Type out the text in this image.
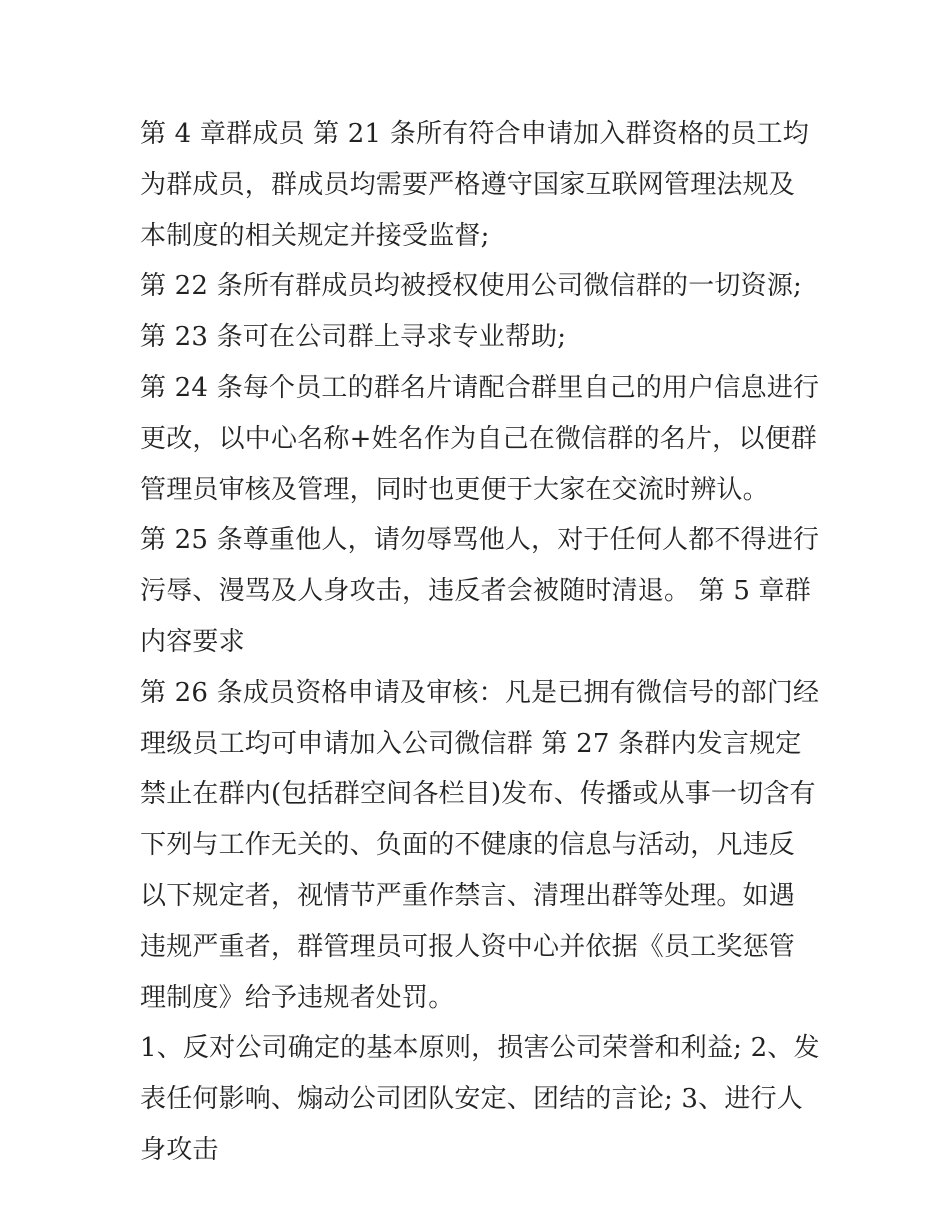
第 4 章群成员 第 21 条所有符合申请加入群资格的员工均为群成员，群成员均需要严格遵守国家互联网管理法规及本制度的相关规定并接受监督;

第 22 条所有群成员均被授权使用公司微信群的一切资源; 第 23 条可在公司群上寻求专业帮助;

第 24 条每个员工的群名片请配合群里自己的用户信息进行更改，以中心名称+姓名作为自己在微信群的名片，以便群管理员审核及管理，同时也更便于大家在交流时辨认。

第 25 条尊重他人，请勿辱骂他人，对于任何人都不得进行污辱、漫骂及人身攻击，违反者会被随时清退。 第 5 章群内容要求

第 26 条成员资格申请及审核：凡是已拥有微信号的部门经理级员工均可申请加入公司微信群 第 27 条群内发言规定

禁止在群内(包括群空间各栏目)发布、传播或从事一切含有下列与工作无关的、负面的不健康的信息与活动，凡违反以下规定者，视情节严重作禁言、清理出群等处理。如遇违规严重者，群管理员可报人资中心并依据《员工奖惩管理制度》给予违规者处罚。

1、反对公司确定的基本原则，损害公司荣誉和利益; 2、发表任何影响、煽动公司团队安定、团结的言论; 3、进行人身攻击
